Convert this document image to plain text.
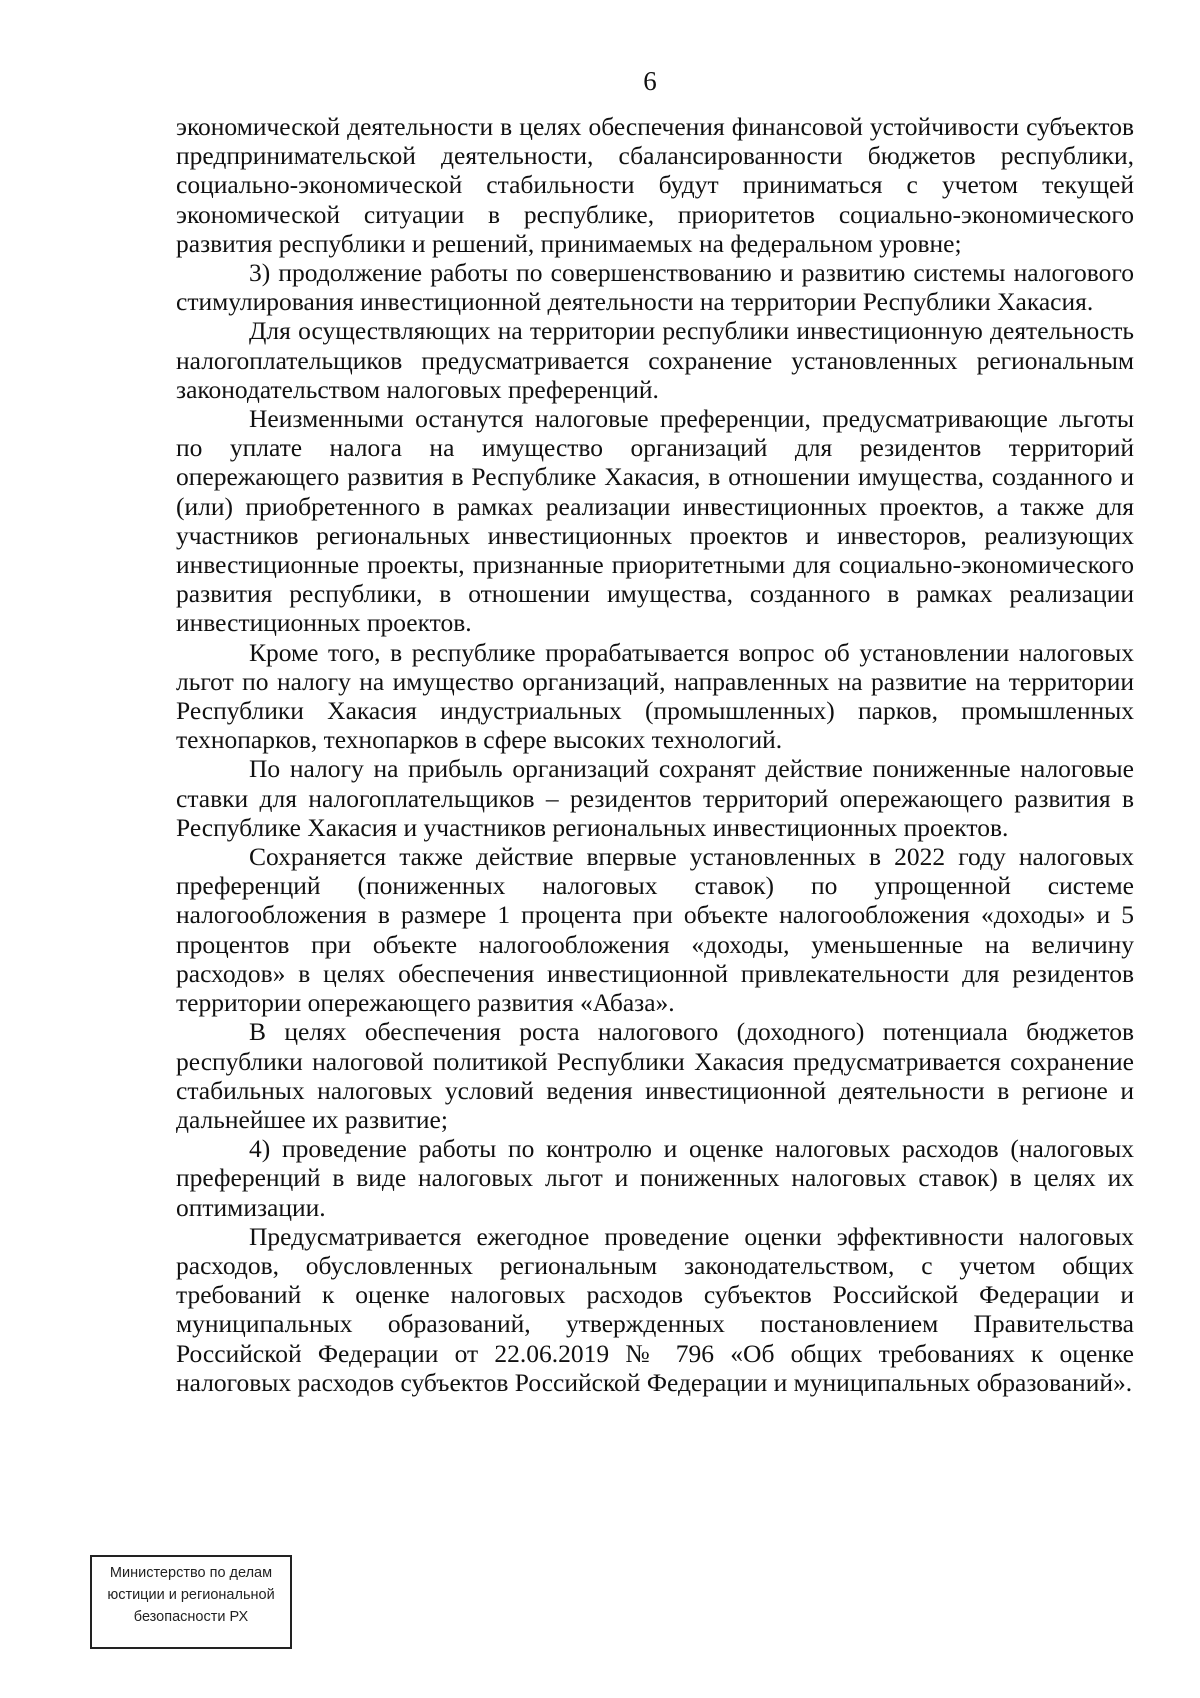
6

экономической деятельности в целях обеспечения финансовой устойчивости субъектов предпринимательской деятельности, сбалансированности бюджетов республики, социально-экономической стабильности будут приниматься с учетом текущей экономической ситуации в республике, приоритетов социально-экономического развития республики и решений, принимаемых на федеральном уровне;

3) продолжение работы по совершенствованию и развитию системы налогового стимулирования инвестиционной деятельности на территории Республики Хакасия.

Для осуществляющих на территории республики инвестиционную деятельность налогоплательщиков предусматривается сохранение установленных региональным законодательством налоговых преференций.

Неизменными останутся налоговые преференции, предусматривающие льготы по уплате налога на имущество организаций для резидентов территорий опережающего развития в Республике Хакасия, в отношении имущества, созданного и (или) приобретенного в рамках реализации инвестиционных проектов, а также для участников региональных инвестиционных проектов и инвесторов, реализующих инвестиционные проекты, признанные приоритетными для социально-экономического развития республики, в отношении имущества, созданного в рамках реализации инвестиционных проектов.

Кроме того, в республике прорабатывается вопрос об установлении налоговых льгот по налогу на имущество организаций, направленных на развитие на территории Республики Хакасия индустриальных (промышленных) парков, промышленных технопарков, технопарков в сфере высоких технологий.

По налогу на прибыль организаций сохранят действие пониженные налоговые ставки для налогоплательщиков – резидентов территорий опережающего развития в Республике Хакасия и участников региональных инвестиционных проектов.

Сохраняется также действие впервые установленных в 2022 году налоговых преференций (пониженных налоговых ставок) по упрощенной системе налогообложения в размере 1 процента при объекте налогообложения «доходы» и 5 процентов при объекте налогообложения «доходы, уменьшенные на величину расходов» в целях обеспечения инвестиционной привлекательности для резидентов территории опережающего развития «Абаза».

В целях обеспечения роста налогового (доходного) потенциала бюджетов республики налоговой политикой Республики Хакасия предусматривается сохранение стабильных налоговых условий ведения инвестиционной деятельности в регионе и дальнейшее их развитие;

4) проведение работы по контролю и оценке налоговых расходов (налоговых преференций в виде налоговых льгот и пониженных налоговых ставок) в целях их оптимизации.

Предусматривается ежегодное проведение оценки эффективности налоговых расходов, обусловленных региональным законодательством, с учетом общих требований к оценке налоговых расходов субъектов Российской Федерации и муниципальных образований, утвержденных постановлением Правительства Российской Федерации от 22.06.2019 № 796 «Об общих требованиях к оценке налоговых расходов субъектов Российской Федерации и муниципальных образований».

Министерство по делам
юстиции и региональной
безопасности РХ
